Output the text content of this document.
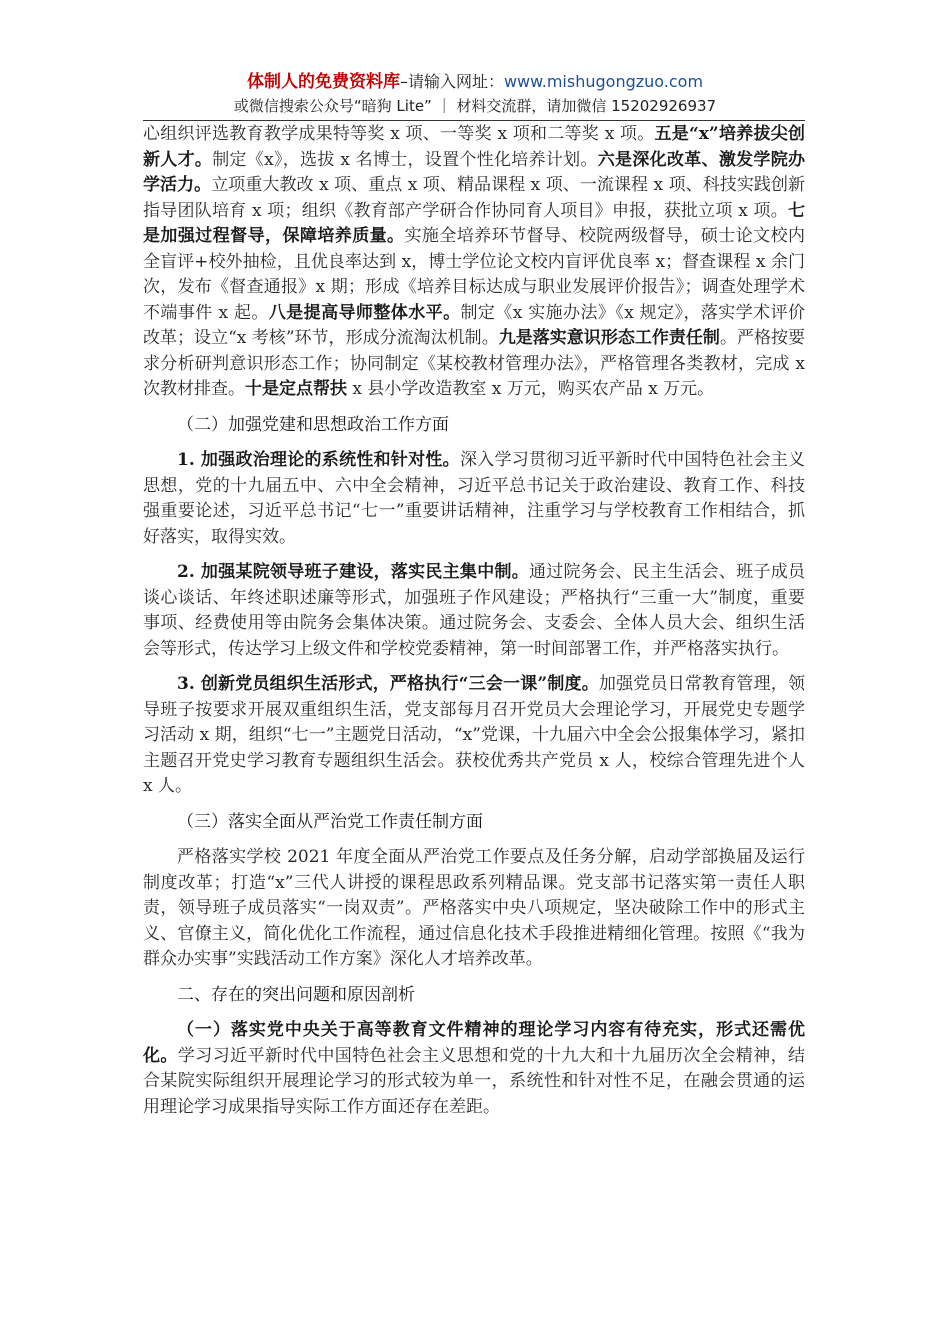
体制人的免费资料库–请输入网址：www.mishugongzuo.com
或微信搜索公众号“暗狗 Lite” ｜ 材料交流群，请加微信 15202926937

心组织评选教育教学成果特等奖 x 项、一等奖 x 项和二等奖 x 项。五是“x”培养拔尖创新人才。制定《x》，选拔 x 名博士，设置个性化培养计划。六是深化改革、激发学院办学活力。立项重大教改 x 项、重点 x 项、精品课程 x 项、一流课程 x 项、科技实践创新指导团队培育 x 项；组织《教育部产学研合作协同育人项目》申报，获批立项 x 项。七是加强过程督导，保障培养质量。实施全培养环节督导、校院两级督导，硕士论文校内全盲评+校外抽检，且优良率达到 x，博士学位论文校内盲评优良率 x；督查课程 x 余门次，发布《督查通报》x 期；形成《培养目标达成与职业发展评价报告》；调查处理学术不端事件 x 起。八是提高导师整体水平。制定《x 实施办法》《x 规定》，落实学术评价改革；设立“x 考核”环节，形成分流淘汰机制。九是落实意识形态工作责任制。严格按要求分析研判意识形态工作；协同制定《某校教材管理办法》，严格管理各类教材，完成 x 次教材排查。十是定点帮扶 x 县小学改造教室 x 万元，购买农产品 x 万元。

（二）加强党建和思想政治工作方面

1. 加强政治理论的系统性和针对性。深入学习贯彻习近平新时代中国特色社会主义思想，党的十九届五中、六中全会精神，习近平总书记关于政治建设、教育工作、科技强重要论述，习近平总书记“七一”重要讲话精神，注重学习与学校教育工作相结合，抓好落实，取得实效。

2. 加强某院领导班子建设，落实民主集中制。通过院务会、民主生活会、班子成员谈心谈话、年终述职述廉等形式，加强班子作风建设；严格执行“三重一大”制度，重要事项、经费使用等由院务会集体决策。通过院务会、支委会、全体人员大会、组织生活会等形式，传达学习上级文件和学校党委精神，第一时间部署工作，并严格落实执行。

3. 创新党员组织生活形式，严格执行“三会一课”制度。加强党员日常教育管理，领导班子按要求开展双重组织生活，党支部每月召开党员大会理论学习，开展党史专题学习活动 x 期，组织“七一”主题党日活动，“x”党课，十九届六中全会公报集体学习，紧扣主题召开党史学习教育专题组织生活会。获校优秀共产党员 x 人，校综合管理先进个人 x 人。

（三）落实全面从严治党工作责任制方面

严格落实学校 2021 年度全面从严治党工作要点及任务分解，启动学部换届及运行制度改革；打造“x”三代人讲授的课程思政系列精品课。党支部书记落实第一责任人职责，领导班子成员落实“一岗双责”。严格落实中央八项规定，坚决破除工作中的形式主义、官僚主义，简化优化工作流程，通过信息化技术手段推进精细化管理。按照《“我为群众办实事”实践活动工作方案》深化人才培养改革。

二、存在的突出问题和原因剖析

（一）落实党中央关于高等教育文件精神的理论学习内容有待充实，形式还需优化。学习习近平新时代中国特色社会主义思想和党的十九大和十九届历次全会精神，结合某院实际组织开展理论学习的形式较为单一，系统性和针对性不足，在融会贯通的运用理论学习成果指导实际工作方面还存在差距。
